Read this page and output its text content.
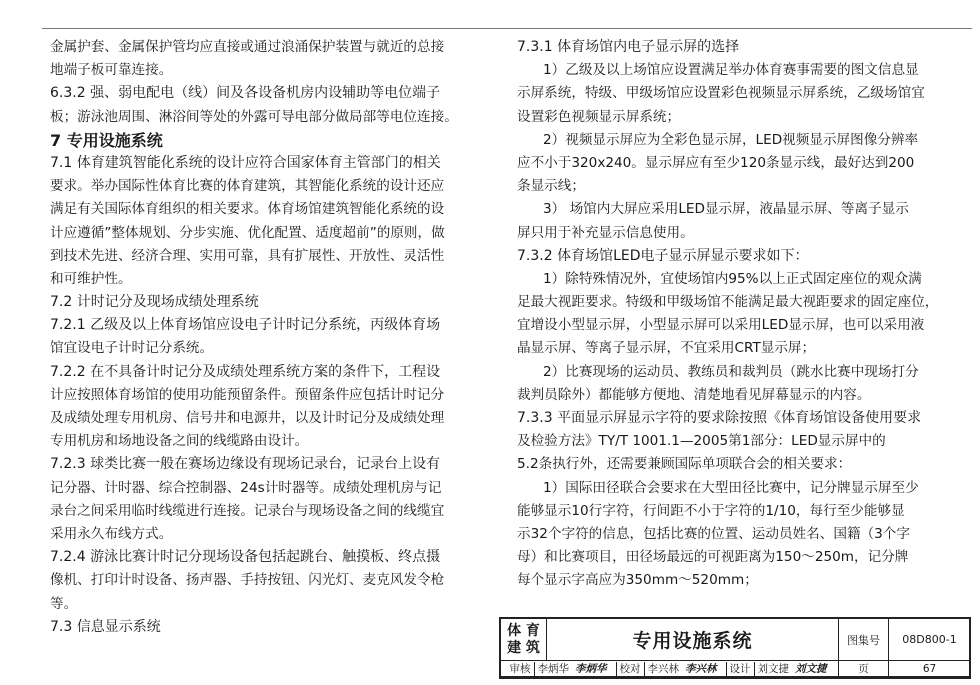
金属护套、金属保护管均应直接或通过浪涌保护装置与就近的总接
地端子板可靠连接。
6.3.2 强、弱电配电（线）间及各设备机房内设辅助等电位端子
板；游泳池周围、淋浴间等处的外露可导电部分做局部等电位连接。
7 专用设施系统
7.1 体育建筑智能化系统的设计应符合国家体育主管部门的相关
要求。举办国际性体育比赛的体育建筑，其智能化系统的设计还应
满足有关国际体育组织的相关要求。体育场馆建筑智能化系统的设
计应遵循”整体规划、分步实施、优化配置、适度超前”的原则，做
到技术先进、经济合理、实用可靠，具有扩展性、开放性、灵活性
和可维护性。
7.2 计时记分及现场成绩处理系统
7.2.1 乙级及以上体育场馆应设电子计时记分系统，丙级体育场
馆宜设电子计时记分系统。
7.2.2 在不具备计时记分及成绩处理系统方案的条件下，工程设
计应按照体育场馆的使用功能预留条件。预留条件应包括计时记分
及成绩处理专用机房、信号井和电源井，以及计时记分及成绩处理
专用机房和场地设备之间的线缆路由设计。
7.2.3 球类比赛一般在赛场边缘设有现场记录台，记录台上设有
记分器、计时器、综合控制器、24s计时器等。成绩处理机房与记
录台之间采用临时线缆进行连接。记录台与现场设备之间的线缆宜
采用永久布线方式。
7.2.4 游泳比赛计时记分现场设备包括起跳台、触摸板、终点摄
像机、打印计时设备、扬声器、手持按钮、闪光灯、麦克风发令枪
等。
7.3 信息显示系统
7.3.1 体育场馆内电子显示屏的选择
1）乙级及以上场馆应设置满足举办体育赛事需要的图文信息显
示屏系统，特级、甲级场馆应设置彩色视频显示屏系统，乙级场馆宜
设置彩色视频显示屏系统；
2）视频显示屏应为全彩色显示屏，LED视频显示屏图像分辨率
应不小于320x240。显示屏应有至少120条显示线，最好达到200
条显示线；
3） 场馆内大屏应采用LED显示屏，液晶显示屏、等离子显示
屏只用于补充显示信息使用。
7.3.2 体育场馆LED电子显示屏显示要求如下：
1）除特殊情况外，宜使场馆内95%以上正式固定座位的观众满
足最大视距要求。特级和甲级场馆不能满足最大视距要求的固定座位，
宜增设小型显示屏，小型显示屏可以采用LED显示屏，也可以采用液
晶显示屏、等离子显示屏，不宜采用CRT显示屏；
2）比赛现场的运动员、教练员和裁判员（跳水比赛中现场打分
裁判员除外）都能够方便地、清楚地看见屏幕显示的内容。
7.3.3 平面显示屏显示字符的要求除按照《体育场馆设备使用要求
及检验方法》TY/T 1001.1—2005第1部分：LED显示屏中的
5.2条执行外，还需要兼顾国际单项联合会的相关要求：
1）国际田径联合会要求在大型田径比赛中，记分牌显示屏至少
能够显示10行字符，行间距不小于字符的1/10，每行至少能够显
示32个字符的信息，包括比赛的位置、运动员姓名、国籍（3个字
母）和比赛项目，田径场最远的可视距离为150～250m，记分牌
每个显示字高应为350mm～520mm；
体 育
建 筑	专用设施系统	图集号	08D800-1
审核 李炳华 李炳华 校对 李兴林 李兴林 设计 刘文捷 刘文捷	页	67
